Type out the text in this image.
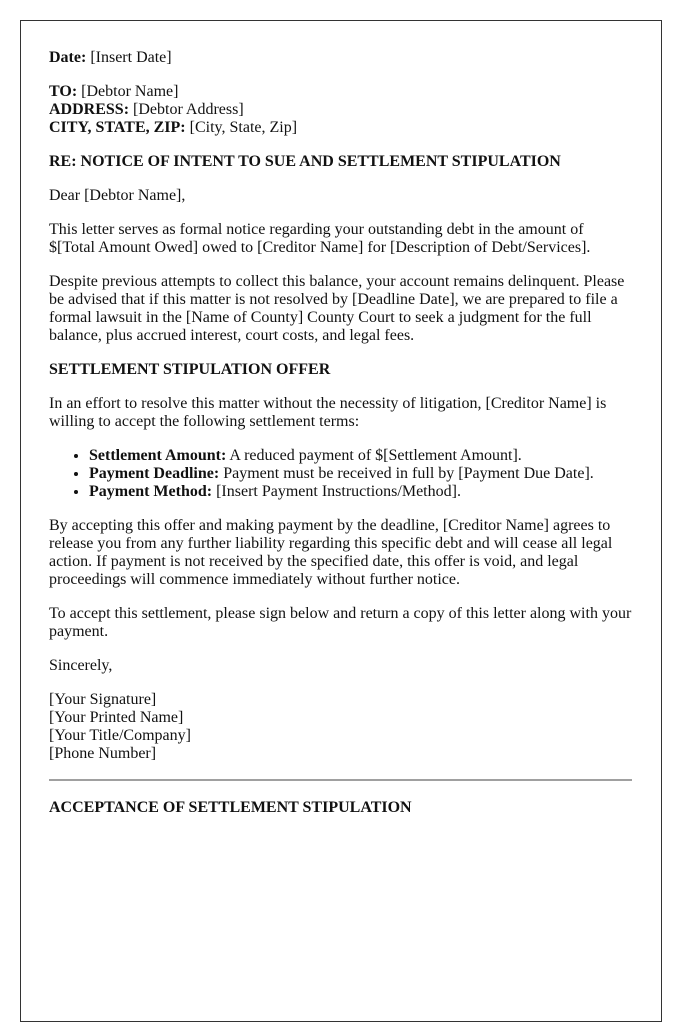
Date: [Insert Date]

TO: [Debtor Name]
ADDRESS: [Debtor Address]
CITY, STATE, ZIP: [City, State, Zip]
RE: NOTICE OF INTENT TO SUE AND SETTLEMENT STIPULATION

Dear [Debtor Name],

This letter serves as formal notice regarding your outstanding debt in the amount of $[Total Amount Owed] owed to [Creditor Name] for [Description of Debt/Services].

Despite previous attempts to collect this balance, your account remains delinquent. Please be advised that if this matter is not resolved by [Deadline Date], we are prepared to file a formal lawsuit in the [Name of County] County Court to seek a judgment for the full balance, plus accrued interest, court costs, and legal fees.

SETTLEMENT STIPULATION OFFER

In an effort to resolve this matter without the necessity of litigation, [Creditor Name] is willing to accept the following settlement terms:

• Settlement Amount: A reduced payment of $[Settlement Amount].
• Payment Deadline: Payment must be received in full by [Payment Due Date].
• Payment Method: [Insert Payment Instructions/Method].

By accepting this offer and making payment by the deadline, [Creditor Name] agrees to release you from any further liability regarding this specific debt and will cease all legal action. If payment is not received by the specified date, this offer is void, and legal proceedings will commence immediately without further notice.

To accept this settlement, please sign below and return a copy of this letter along with your payment.

Sincerely,

[Your Signature]
[Your Printed Name]
[Your Title/Company]
[Phone Number]
ACCEPTANCE OF SETTLEMENT STIPULATION
